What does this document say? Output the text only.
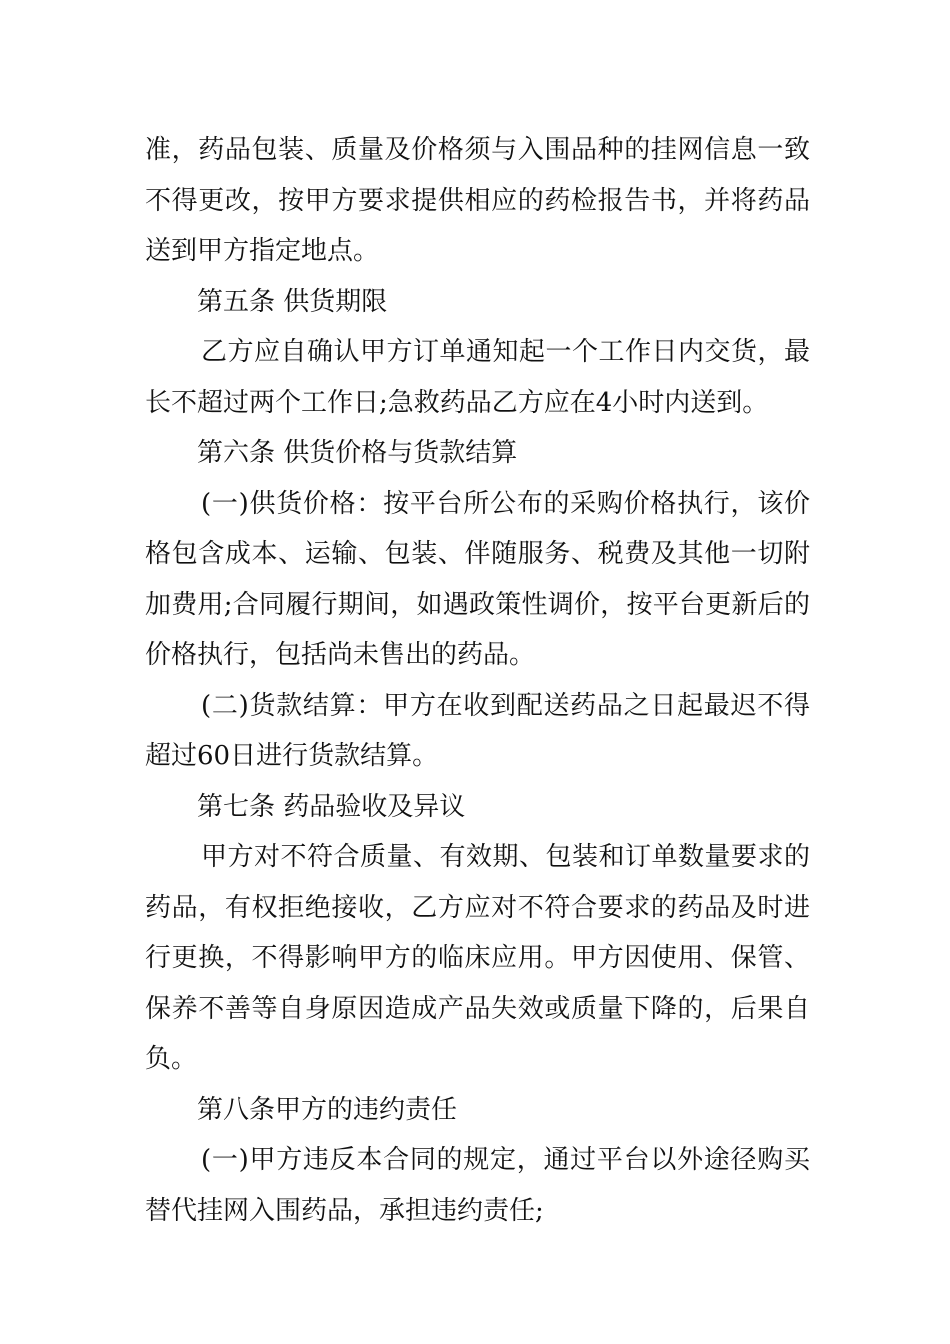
准，药品包装、质量及价格须与入围品种的挂网信息一致不得更改，按甲方要求提供相应的药检报告书，并将药品送到甲方指定地点。

第五条 供货期限

乙方应自确认甲方订单通知起一个工作日内交货，最长不超过两个工作日;急救药品乙方应在4小时内送到。

第六条 供货价格与货款结算

(一)供货价格：按平台所公布的采购价格执行，该价格包含成本、运输、包装、伴随服务、税费及其他一切附加费用;合同履行期间，如遇政策性调价，按平台更新后的价格执行，包括尚未售出的药品。

(二)货款结算：甲方在收到配送药品之日起最迟不得超过60日进行货款结算。

第七条 药品验收及异议

甲方对不符合质量、有效期、包装和订单数量要求的药品，有权拒绝接收，乙方应对不符合要求的药品及时进行更换，不得影响甲方的临床应用。甲方因使用、保管、保养不善等自身原因造成产品失效或质量下降的，后果自负。

第八条甲方的违约责任

(一)甲方违反本合同的规定，通过平台以外途径购买替代挂网入围药品，承担违约责任;
